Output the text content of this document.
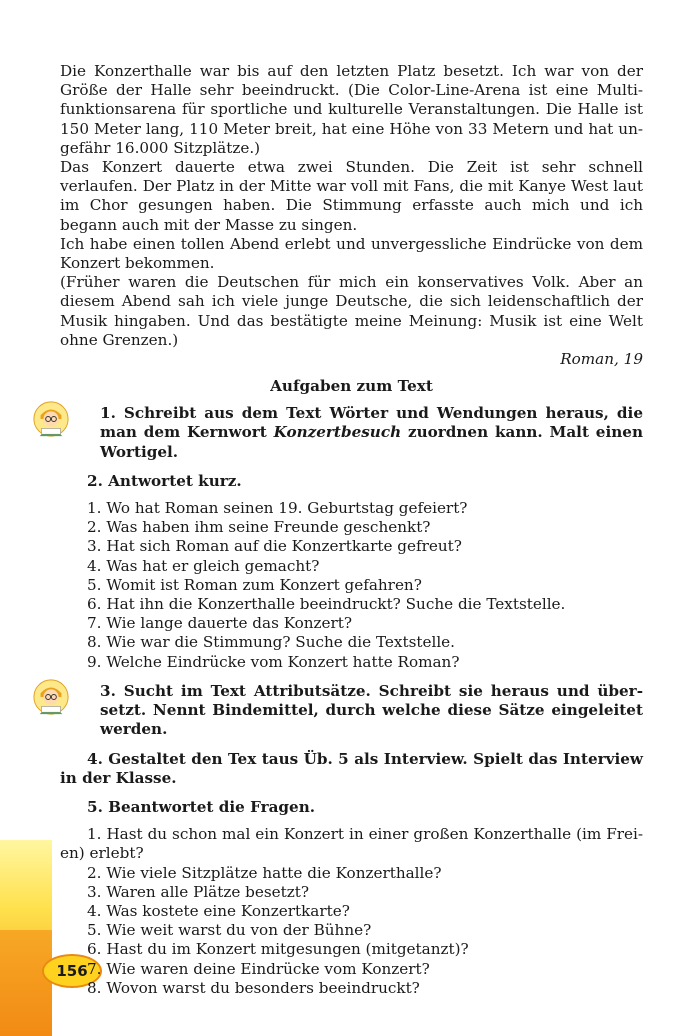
156

Die Konzerthalle war bis auf den letzten Platz besetzt. Ich war von der Größe der Halle sehr beeindruckt. (Die Color-Line-Arena ist eine Multifunktionsarena für sportliche und kulturelle Veranstaltungen. Die Halle ist 150 Meter lang, 110 Meter breit, hat eine Höhe von 33 Metern und hat ungefähr 16.000 Sitzplätze.)

Das Konzert dauerte etwa zwei Stunden. Die Zeit ist sehr schnell verlaufen. Der Platz in der Mitte war voll mit Fans, die mit Kanye West laut im Chor gesungen haben. Die Stimmung erfasste auch mich und ich begann auch mit der Masse zu singen.

Ich habe einen tollen Abend erlebt und unvergessliche Eindrücke von dem Konzert bekommen.

(Früher waren die Deutschen für mich ein konservatives Volk. Aber an diesem Abend sah ich viele junge Deutsche, die sich leidenschaftlich der Musik hingaben. Und das bestätigte meine Meinung: Musik ist eine Welt ohne Grenzen.)

Roman, 19
Aufgaben zum Text

1. Schreibt aus dem Text Wörter und Wendungen heraus, die man dem Kernwort Konzertbesuch zuordnen kann. Malt einen Wortigel.

2. Antwortet kurz.

1. Wo hat Roman seinen 19. Geburtstag gefeiert?
2. Was haben ihm seine Freunde geschenkt?
3. Hat sich Roman auf die Konzertkarte gefreut?
4. Was hat er gleich gemacht?
5. Womit ist Roman zum Konzert gefahren?
6. Hat ihn die Konzerthalle beeindruckt? Suche die Textstelle.
7. Wie lange dauerte das Konzert?
8. Wie war die Stimmung? Suche die Textstelle.
9. Welche Eindrücke vom Konzert hatte Roman?

3. Sucht im Text Attributsätze. Schreibt sie heraus und übersetzt. Nennt Bindemittel, durch welche diese Sätze eingeleitet werden.

4. Gestaltet den Tex taus Üb. 5 als Interview. Spielt das Interview in der Klasse.

5. Beantwortet die Fragen.

1. Hast du schon mal ein Konzert in einer großen Konzerthalle (im Freien) erlebt?
2. Wie viele Sitzplätze hatte die Konzerthalle?
3. Waren alle Plätze besetzt?
4. Was kostete eine Konzertkarte?
5. Wie weit warst du von der Bühne?
6. Hast du im Konzert mitgesungen (mitgetanzt)?
7. Wie waren deine Eindrücke vom Konzert?
8. Wovon warst du besonders beeindruckt?
